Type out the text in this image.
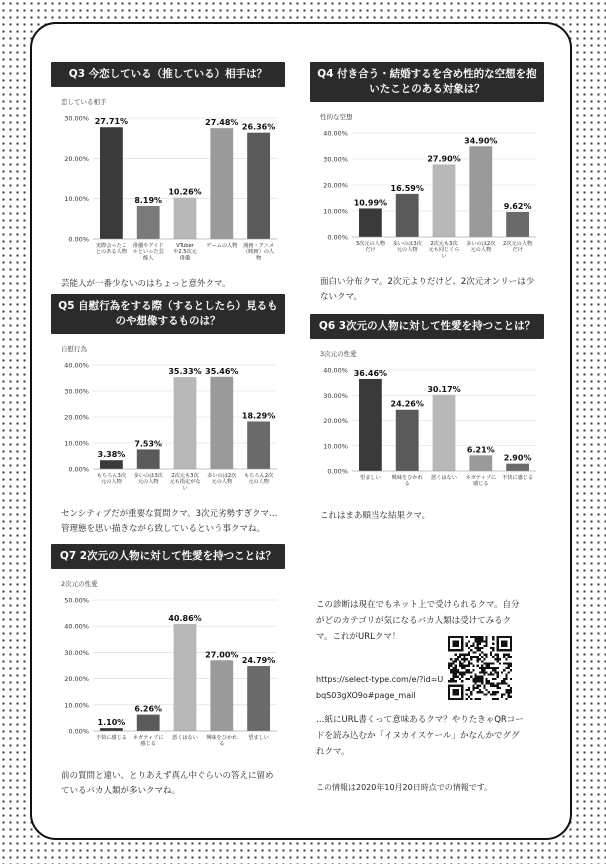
Q3 今恋している（推している）相手は？
恋している相手
30.00%
20.00%
10.00%
0.00%
27.71%
実際会ったことのある人物
8.19%
俳優やアイドルといった芸能人
10.26%
VTuber や2.5次元俳優
27.48%
ゲームの人物
26.36%
漫画・アニメ（映画）の人物
芸能人が一番少ないのはちょっと意外クマ。
Q4 付き合う・結婚するを含め性的な空想を抱いたことのある対象は？
性的な空想
40.00%
30.00%
20.00%
10.00%
0.00%
10.99%
3次元の人物だけ
16.59%
多いのは3次元の人物
27.90%
2次元も3次元も同じくらい
34.90%
多いのは2次元の人物
9.62%
2次元の人物だけ
面白い分布クマ。2次元よりだけど、2次元オンリーは少ないクマ。
Q5 自慰行為をする際（するとしたら）見るものや想像するものは？
自慰行為
40.00%
30.00%
20.00%
10.00%
0.00%
3.38%
もちろん3次元の人物
7.53%
多いのは3次元の人物
35.33%
2次元も3次元も指定がない
35.46%
多いのは2次元の人物
18.29%
もちろん2次元の人物
センシティブだが重要な質問クマ。3次元劣勢すぎクマ…管理態を思い描きながら致しているという事クマね。
Q6 3次元の人物に対して性愛を持つことは？
3次元の性愛
40.00%
30.00%
20.00%
10.00%
0.00%
36.46%
望ましい
24.26%
興味をひかれる
30.17%
悪くはない
6.21%
ネガティブに感じる
2.90%
不快に感じる
これはまあ順当な結果クマ。
Q7 2次元の人物に対して性愛を持つことは？
2次元の性愛
50.00%
40.00%
30.00%
20.00%
10.00%
0.00%
1.10%
不快に感じる
6.26%
ネガティブに感じる
40.86%
悪くはない
27.00%
興味をひかれる
24.79%
望ましい
前の質問と違い、とりあえず真ん中ぐらいの答えに留めているバカ人類が多いクマね。

この診断は現在でもネット上で受けられるクマ。自分がどのカテゴリが気になるバカ人類は受けてみるクマ。これがURLクマ！

https://select-type.com/e/?id=UbqS03gXO9o#page_mail
…紙にURL書くって意味あるクマ？やりたきゃQRコードを読み込むか「イヌカイスケール」かなんかでググれクマ。
この情報は2020年10月20日時点での情報です。
